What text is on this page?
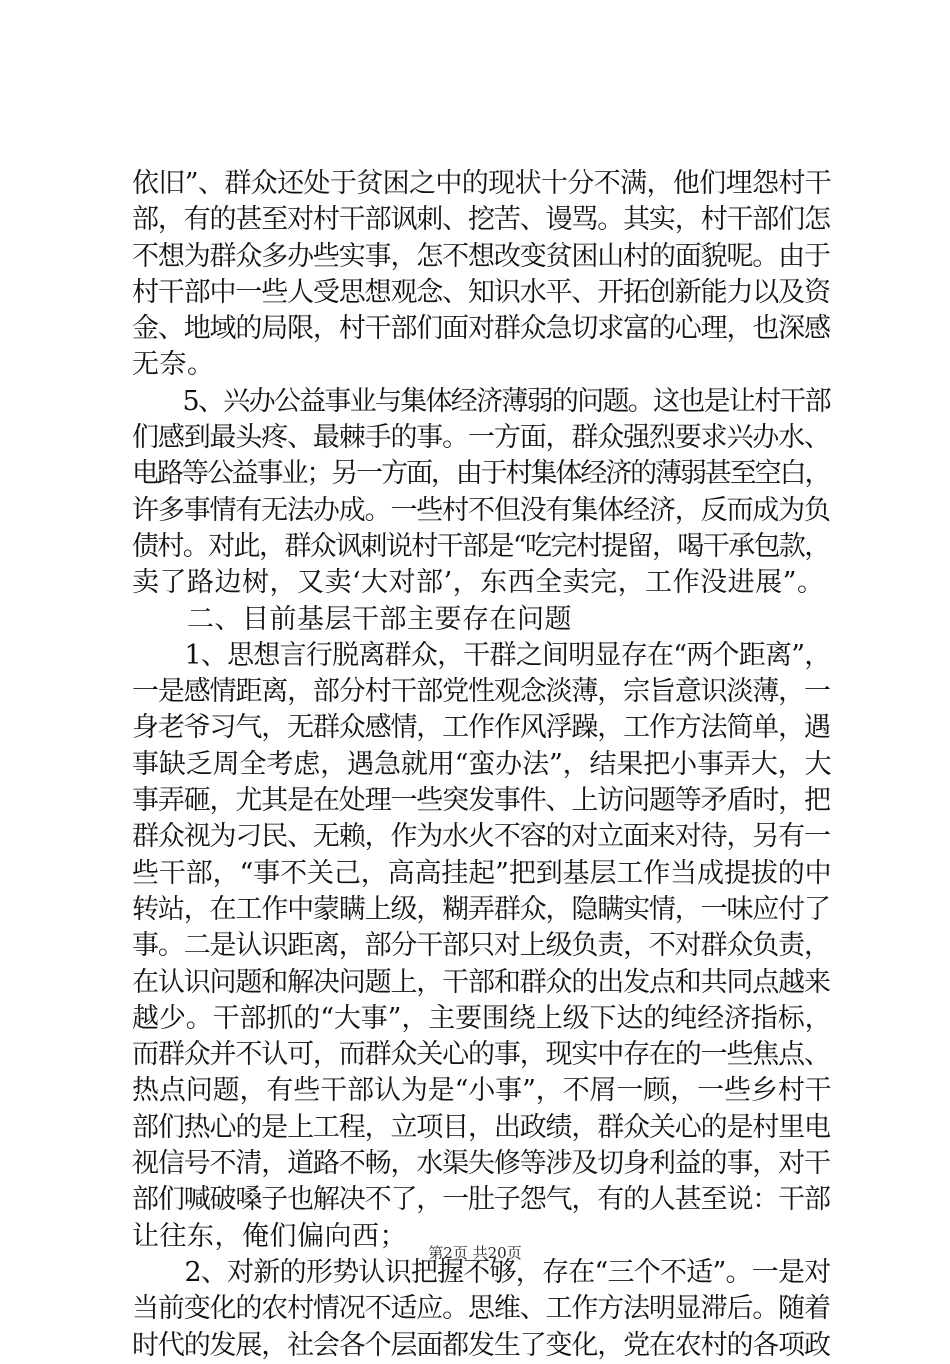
依旧”、群众还处于贫困之中的现状十分不满，他们埋怨村干
部，有的甚至对村干部讽刺、挖苦、谩骂。其实，村干部们怎
不想为群众多办些实事，怎不想改变贫困山村的面貌呢。由于
村干部中一些人受思想观念、知识水平、开拓创新能力以及资
金、地域的局限，村干部们面对群众急切求富的心理，也深感
无奈。
　　5、兴办公益事业与集体经济薄弱的问题。这也是让村干部
们感到最头疼、最棘手的事。一方面，群众强烈要求兴办水、
电路等公益事业；另一方面，由于村集体经济的薄弱甚至空白，
许多事情有无法办成。一些村不但没有集体经济，反而成为负
债村。对此，群众讽刺说村干部是“吃完村提留，喝干承包款，
卖了路边树，又卖‘大对部’，东西全卖完，工作没进展”。
　　二、目前基层干部主要存在问题
　　1、思想言行脱离群众，干群之间明显存在“两个距离”，
一是感情距离，部分村干部党性观念淡薄，宗旨意识淡薄，一
身老爷习气，无群众感情，工作作风浮躁，工作方法简单，遇
事缺乏周全考虑，遇急就用“蛮办法”，结果把小事弄大，大
事弄砸，尤其是在处理一些突发事件、上访问题等矛盾时，把
群众视为刁民、无赖，作为水火不容的对立面来对待，另有一
些干部，“事不关己，高高挂起”把到基层工作当成提拔的中
转站，在工作中蒙瞒上级，糊弄群众，隐瞒实情，一味应付了
事。二是认识距离，部分干部只对上级负责，不对群众负责，
在认识问题和解决问题上，干部和群众的出发点和共同点越来
越少。干部抓的“大事”，主要围绕上级下达的纯经济指标，
而群众并不认可，而群众关心的事，现实中存在的一些焦点、
热点问题，有些干部认为是“小事”，不屑一顾，一些乡村干
部们热心的是上工程，立项目，出政绩，群众关心的是村里电
视信号不清，道路不畅，水渠失修等涉及切身利益的事，对干
部们喊破嗓子也解决不了，一肚子怨气，有的人甚至说：干部
让往东，俺们偏向西；
　　2、对新的形势认识把握不够，存在“三个不适”。一是对
当前变化的农村情况不适应。思维、工作方法明显滞后。随着
时代的发展，社会各个层面都发生了变化，党在农村的各项政
第2页 共20页
